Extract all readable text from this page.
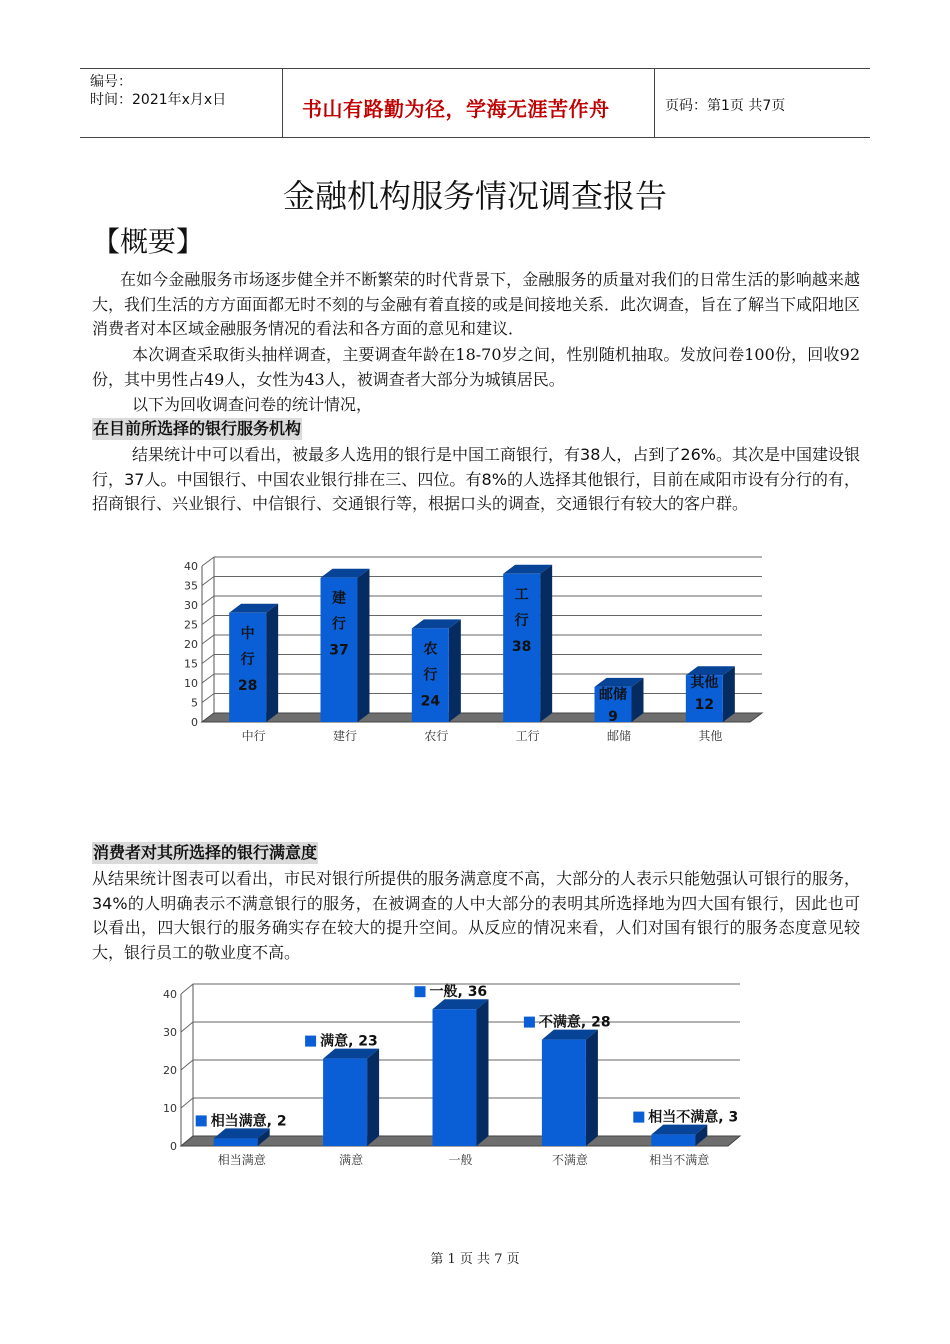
编号：
时间：2021年x月x日	书山有路勤为径，学海无涯苦作舟	页码：第1页 共7页
金融机构服务情况调查报告
【概要】

在如今金融服务市场逐步健全并不断繁荣的时代背景下，金融服务的质量对我们的日常生活的影响越来越大，我们生活的方方面面都无时不刻的与金融有着直接的或是间接地关系．此次调查，旨在了解当下咸阳地区消费者对本区域金融服务情况的看法和各方面的意见和建议．

本次调查采取街头抽样调查，主要调查年龄在18-70岁之间，性别随机抽取。发放问卷100份，回收92份，其中男性占49人，女性为43人，被调查者大部分为城镇居民。

以下为回收调查问卷的统计情况，

在目前所选择的银行服务机构

结果统计中可以看出，被最多人选用的银行是中国工商银行，有38人，占到了26%。其次是中国建设银行，37人。中国银行、中国农业银行排在三、四位。有8%的人选择其他银行，目前在咸阳市设有分行的有，招商银行、兴业银行、中信银行、交通银行等，根据口头的调查，交通银行有较大的客户群。

0
5
10
15
20
25
30
35
40
中行
中
行
28
建行
建
行
37
农行
农
行
24
工行
工
行
38
邮储
邮储
9
其他
其他
12
消费者对其所选择的银行满意度

从结果统计图表可以看出，市民对银行所提供的服务满意度不高，大部分的人表示只能勉强认可银行的服务，34%的人明确表示不满意银行的服务，在被调查的人中大部分的表明其所选择地为四大国有银行，因此也可以看出，四大银行的服务确实存在较大的提升空间。从反应的情况来看，人们对国有银行的服务态度意见较大，银行员工的敬业度不高。

0
10
20
30
40
相当满意
相当满意, 2
满意
满意, 23
一般
一般, 36
不满意
不满意, 28
相当不满意
相当不满意, 3
第 1 页 共 7 页
